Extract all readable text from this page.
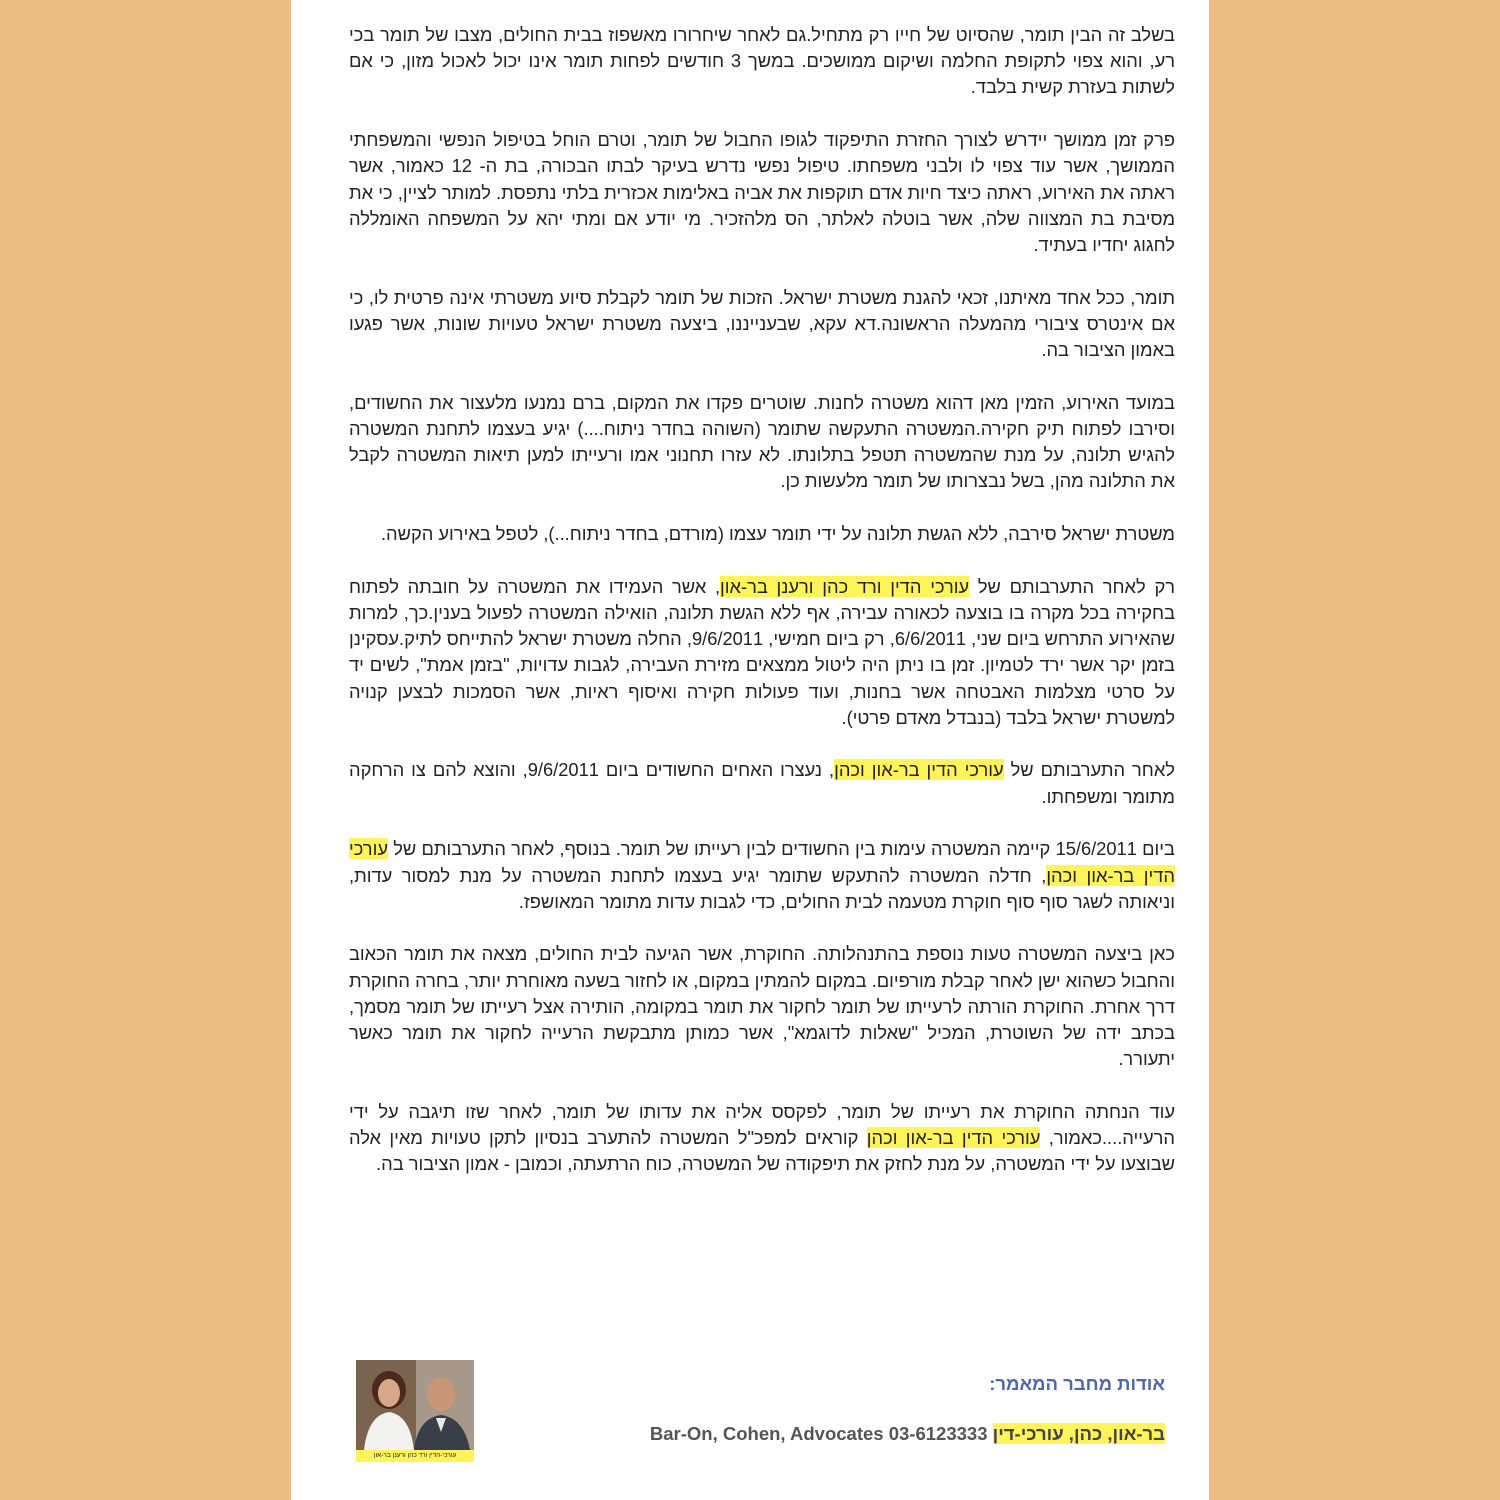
בשלב זה הבין תומר, שהסיוט של חייו רק מתחיל.גם לאחר שיחרורו מאשפוז בבית החולים, מצבו של תומר בכי רע, והוא צפוי לתקופת החלמה ושיקום ממושכים. במשך 3 חודשים לפחות תומר אינו יכול לאכול מזון, כי אם לשתות בעזרת קשית בלבד.

פרק זמן ממושך יידרש לצורך החזרת התיפקוד לגופו החבול של תומר, וטרם הוחל בטיפול הנפשי והמשפחתי הממושך, אשר עוד צפוי לו ולבני משפחתו. טיפול נפשי נדרש בעיקר לבתו הבכורה, בת ה- 12 כאמור, אשר ראתה את האירוע, ראתה כיצד חיות אדם תוקפות את אביה באלימות אכזרית בלתי נתפסת. למותר לציין, כי את מסיבת בת המצווה שלה, אשר בוטלה לאלתר, הס מלהזכיר. מי יודע אם ומתי יהא על המשפחה האומללה לחגוג יחדיו בעתיד.

תומר, ככל אחד מאיתנו, זכאי להגנת משטרת ישראל. הזכות של תומר לקבלת סיוע משטרתי אינה פרטית לו, כי אם אינטרס ציבורי מהמעלה הראשונה.דא עקא, שבענייננו, ביצעה משטרת ישראל טעויות שונות, אשר פגעו באמון הציבור בה.

במועד האירוע, הזמין מאן דהוא משטרה לחנות. שוטרים פקדו את המקום, ברם נמנעו מלעצור את החשודים, וסירבו לפתוח תיק חקירה.המשטרה התעקשה שתומר (השוהה בחדר ניתוח....) יגיע בעצמו לתחנת המשטרה להגיש תלונה, על מנת שהמשטרה תטפל בתלונתו. לא עזרו תחנוני אמו ורעייתו למען תיאות המשטרה לקבל את התלונה מהן, בשל נבצרותו של תומר מלעשות כן.

משטרת ישראל סירבה, ללא הגשת תלונה על ידי תומר עצמו (מורדם, בחדר ניתוח...), לטפל באירוע הקשה.

רק לאחר התערבותם של עורכי הדין ורד כהן ורענן בר-און, אשר העמידו את המשטרה על חובתה לפתוח בחקירה בכל מקרה בו בוצעה לכאורה עבירה, אף ללא הגשת תלונה, הואילה המשטרה לפעול בענין.כך, למרות שהאירוע התרחש ביום שני, 6/6/2011, רק ביום חמישי, 9/6/2011, החלה משטרת ישראל להתייחס לתיק.עסקינן בזמן יקר אשר ירד לטמיון. זמן בו ניתן היה ליטול ממצאים מזירת העבירה, לגבות עדויות, "בזמן אמת", לשים יד על סרטי מצלמות האבטחה אשר בחנות, ועוד פעולות חקירה ואיסוף ראיות, אשר הסמכות לבצען קנויה למשטרת ישראל בלבד (בנבדל מאדם פרטי).

לאחר התערבותם של עורכי הדין בר-און וכהן, נעצרו האחים החשודים ביום 9/6/2011, והוצא להם צו הרחקה מתומר ומשפחתו.

ביום 15/6/2011 קיימה המשטרה עימות בין החשודים לבין רעייתו של תומר. בנוסף, לאחר התערבותם של עורכי הדין בר-און וכהן, חדלה המשטרה להתעקש שתומר יגיע בעצמו לתחנת המשטרה על מנת למסור עדות, וניאותה לשגר סוף סוף חוקרת מטעמה לבית החולים, כדי לגבות עדות מתומר המאושפז.

כאן ביצעה המשטרה טעות נוספת בהתנהלותה. החוקרת, אשר הגיעה לבית החולים, מצאה את תומר הכאוב והחבול כשהוא ישן לאחר קבלת מורפיום. במקום להמתין במקום, או לחזור בשעה מאוחרת יותר, בחרה החוקרת דרך אחרת. החוקרת הורתה לרעייתו של תומר לחקור את תומר במקומה, הותירה אצל רעייתו של תומר מסמך, בכתב ידה של השוטרת, המכיל "שאלות לדוגמא", אשר כמותן מתבקשת הרעייה לחקור את תומר כאשר יתעורר.

עוד הנחתה החוקרת את רעייתו של תומר, לפקסס אליה את עדותו של תומר, לאחר שזו תיגבה על ידי הרעייה....כאמור, עורכי הדין בר-און וכהן קוראים למפכ"ל המשטרה להתערב בנסיון לתקן טעויות מאין אלה שבוצעו על ידי המשטרה, על מנת לחזק את תיפקודה של המשטרה, כוח הרתעתה, וכמובן - אמון הציבור בה.

אודות מחבר המאמר:
בר-און, כהן, עורכי-דין 03-6123333 Bar-On, Cohen, Advocates
עורכי-הדין ורד כהן ורענן בר-און
